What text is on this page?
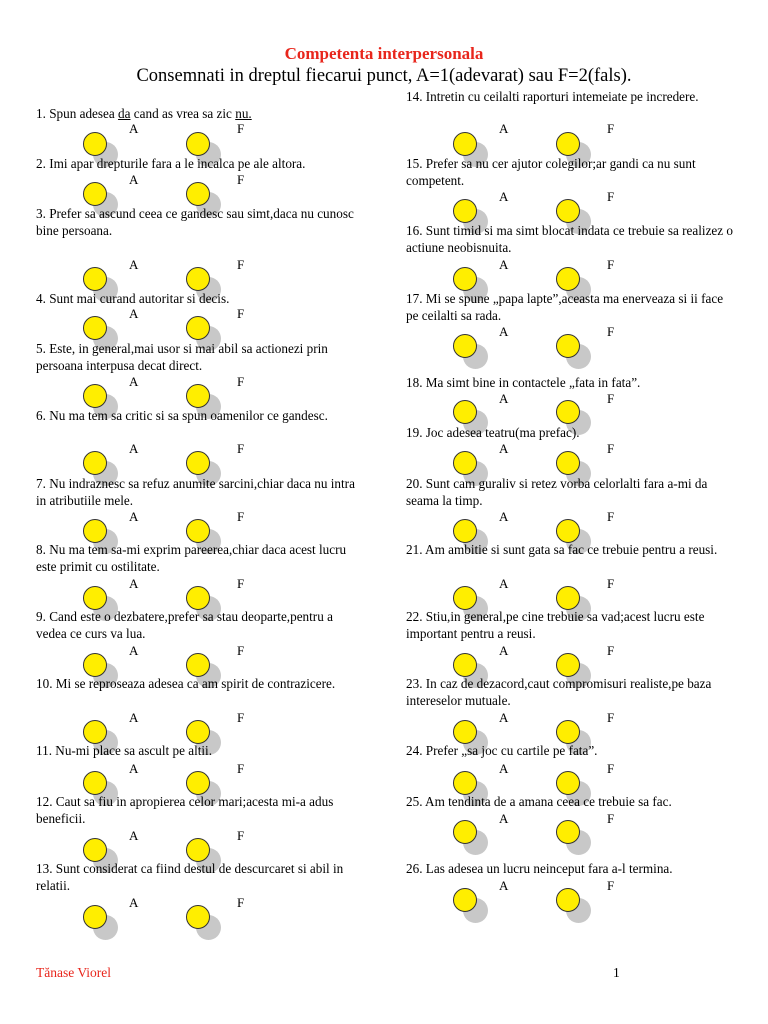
Competenta interpersonala
Consemnati in dreptul fiecarui punct, A=1(adevarat) sau F=2(fals).
1. Spun adesea da cand as vrea sa zic nu.
A	F
2. Imi apar drepturile fara a le incalca pe ale altora.
A	F
3. Prefer sa ascund ceea ce gandesc sau simt,daca nu cunosc bine persoana.
A	F
4. Sunt mai curand autoritar si decis.
A	F
5. Este, in general,mai usor si mai abil sa actionezi prin persoana interpusa decat direct.
A	F
6. Nu ma tem sa critic si sa spun oamenilor ce gandesc.
A	F
7. Nu indraznesc sa refuz anumite sarcini,chiar daca nu intra in atributiile mele.
A	F
8. Nu ma tem sa-mi exprim pareerea,chiar daca acest lucru este primit cu ostilitate.
A	F
9. Cand este o dezbatere,prefer sa stau deoparte,pentru a vedea ce curs va lua.
A	F
10. Mi se reproseaza adesea ca am spirit de contrazicere.
A	F
11. Nu-mi place sa ascult pe altii.
A	F
12. Caut sa fiu in apropierea celor mari;acesta mi-a adus beneficii.
A	F
13. Sunt considerat ca fiind destul de descurcaret si abil in relatii.
A	F
14. Intretin cu ceilalti raporturi intemeiate pe incredere.
A	F
15. Prefer sa nu cer ajutor colegilor;ar gandi ca nu sunt competent.
A	F
16. Sunt timid si ma simt blocat indata ce trebuie sa realizez o actiune neobisnuita.
A	F
17. Mi se spune „papa lapte”,aceasta ma enerveaza si ii face pe ceilalti sa rada.
A	F
18. Ma simt bine in contactele „fata in fata”.
A	F
19. Joc adesea teatru(ma prefac).
A	F
20. Sunt cam guraliv si retez vorba celorlalti fara a-mi da seama la timp.
A	F
21. Am ambitie si sunt gata sa fac ce trebuie pentru a reusi.
A	F
22. Stiu,in general,pe cine trebuie sa vad;acest lucru este important pentru a reusi.
A	F
23. In caz de dezacord,caut compromisuri realiste,pe baza intereselor mutuale.
A	F
24. Prefer „sa joc cu cartile pe fata”.
A	F
25. Am tendinta de a amana ceea ce trebuie sa fac.
A	F
26. Las adesea un lucru neinceput fara a-l termina.
A	F
Tănase Viorel	1
